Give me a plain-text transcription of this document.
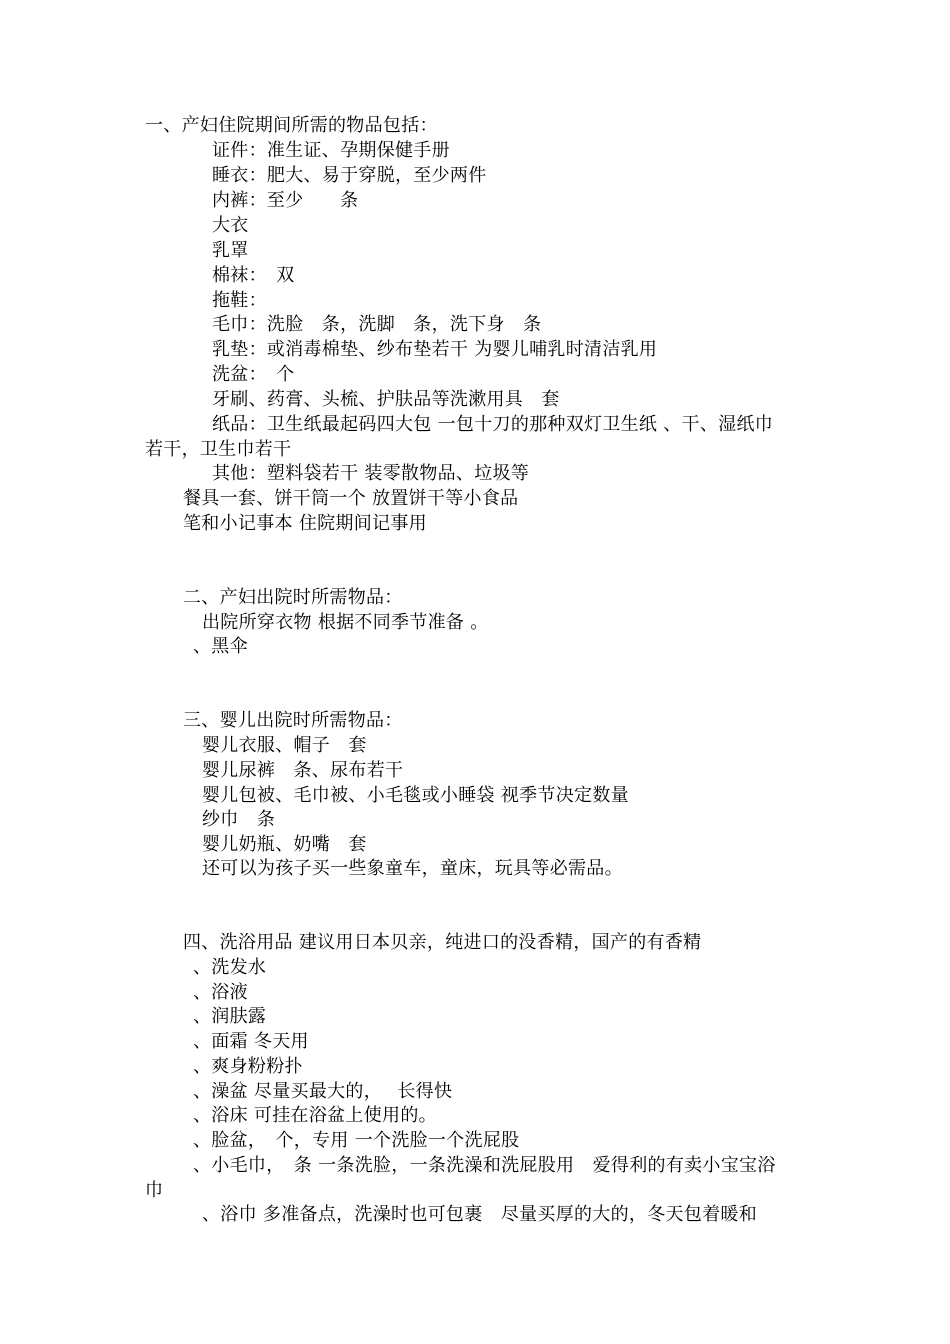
一、产妇住院期间所需的物品包括：
证件：准生证、孕期保健手册
睡衣：肥大、易于穿脱，至少两件
内裤：至少　　条
大衣
乳罩
棉袜：　双
拖鞋：
毛巾：洗脸　条，洗脚　条，洗下身　条
乳垫：或消毒棉垫、纱布垫若干 为婴儿哺乳时清洁乳用
洗盆：　个
牙刷、药膏、头梳、护肤品等洗漱用具　套
纸品：卫生纸最起码四大包 一包十刀的那种双灯卫生纸 、干、湿纸巾
若干，卫生巾若干
其他：塑料袋若干 装零散物品、垃圾等
餐具一套、饼干筒一个 放置饼干等小食品
笔和小记事本 住院期间记事用
二、产妇出院时所需物品：
出院所穿衣物 根据不同季节准备 。
、黑伞
三、婴儿出院时所需物品：
婴儿衣服、帽子　套
婴儿尿裤　条、尿布若干
婴儿包被、毛巾被、小毛毯或小睡袋 视季节决定数量
纱巾　条
婴儿奶瓶、奶嘴　套
还可以为孩子买一些象童车，童床，玩具等必需品。
四、洗浴用品 建议用日本贝亲，纯进口的没香精，国产的有香精
、洗发水
、浴液
、润肤露
、面霜 冬天用
、爽身粉粉扑
、澡盆 尽量买最大的，　 长得快
、浴床 可挂在浴盆上使用的。
、脸盆，　个，专用 一个洗脸一个洗屁股
、小毛巾，　条 一条洗脸，一条洗澡和洗屁股用　爱得利的有卖小宝宝浴
巾
、浴巾 多准备点，洗澡时也可包裹　尽量买厚的大的，冬天包着暖和
